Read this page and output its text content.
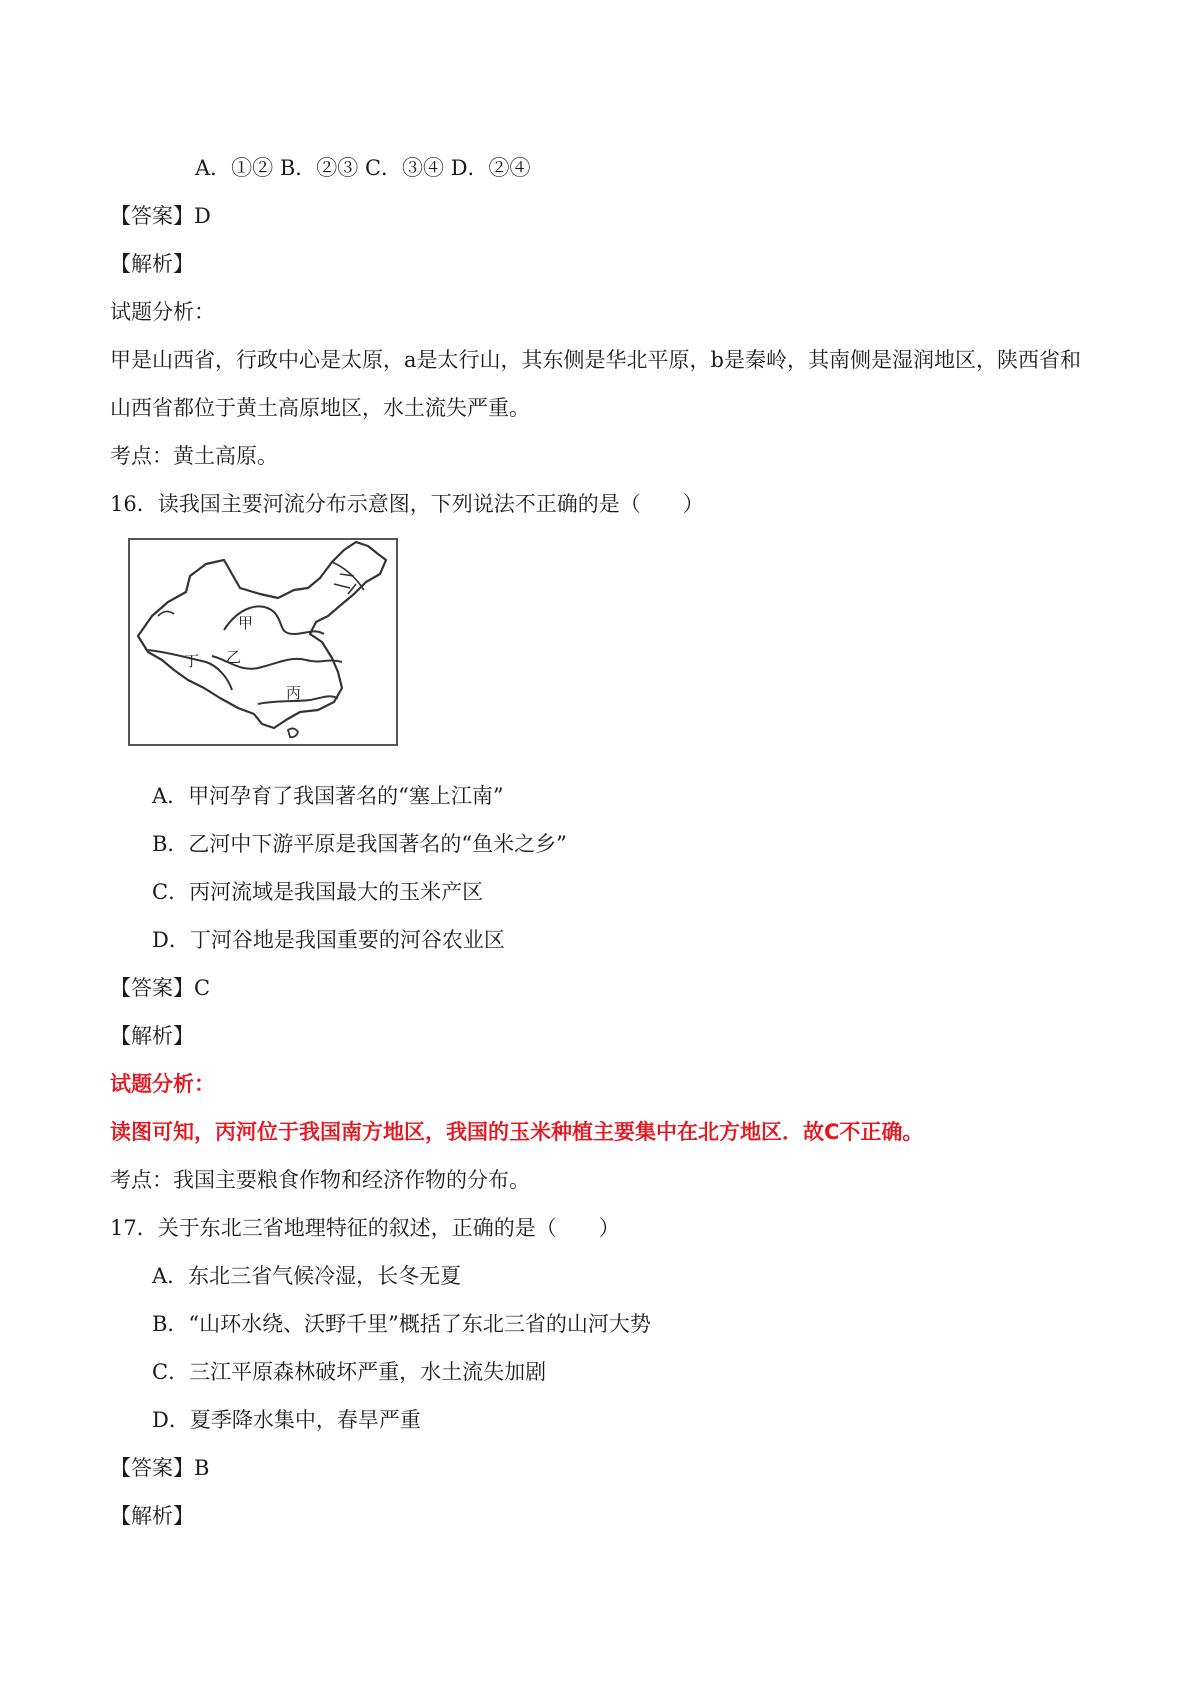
A．①② B．②③ C．③④ D．②④
【答案】D
【解析】
试题分析：
甲是山西省，行政中心是太原，a是太行山，其东侧是华北平原，b是秦岭，其南侧是湿润地区，陕西省和
山西省都位于黄土高原地区，水土流失严重。
考点：黄土高原。
16．读我国主要河流分布示意图，下列说法不正确的是（　　）
甲
乙
丙
丁
A．甲河孕育了我国著名的“塞上江南”
B．乙河中下游平原是我国著名的“鱼米之乡”
C．丙河流域是我国最大的玉米产区
D．丁河谷地是我国重要的河谷农业区
【答案】C
【解析】
试题分析：
读图可知，丙河位于我国南方地区，我国的玉米种植主要集中在北方地区．故C不正确。
考点：我国主要粮食作物和经济作物的分布。
17．关于东北三省地理特征的叙述，正确的是（　　）
A．东北三省气候冷湿，长冬无夏
B．“山环水绕、沃野千里”概括了东北三省的山河大势
C．三江平原森林破坏严重，水土流失加剧
D．夏季降水集中，春旱严重
【答案】B
【解析】
